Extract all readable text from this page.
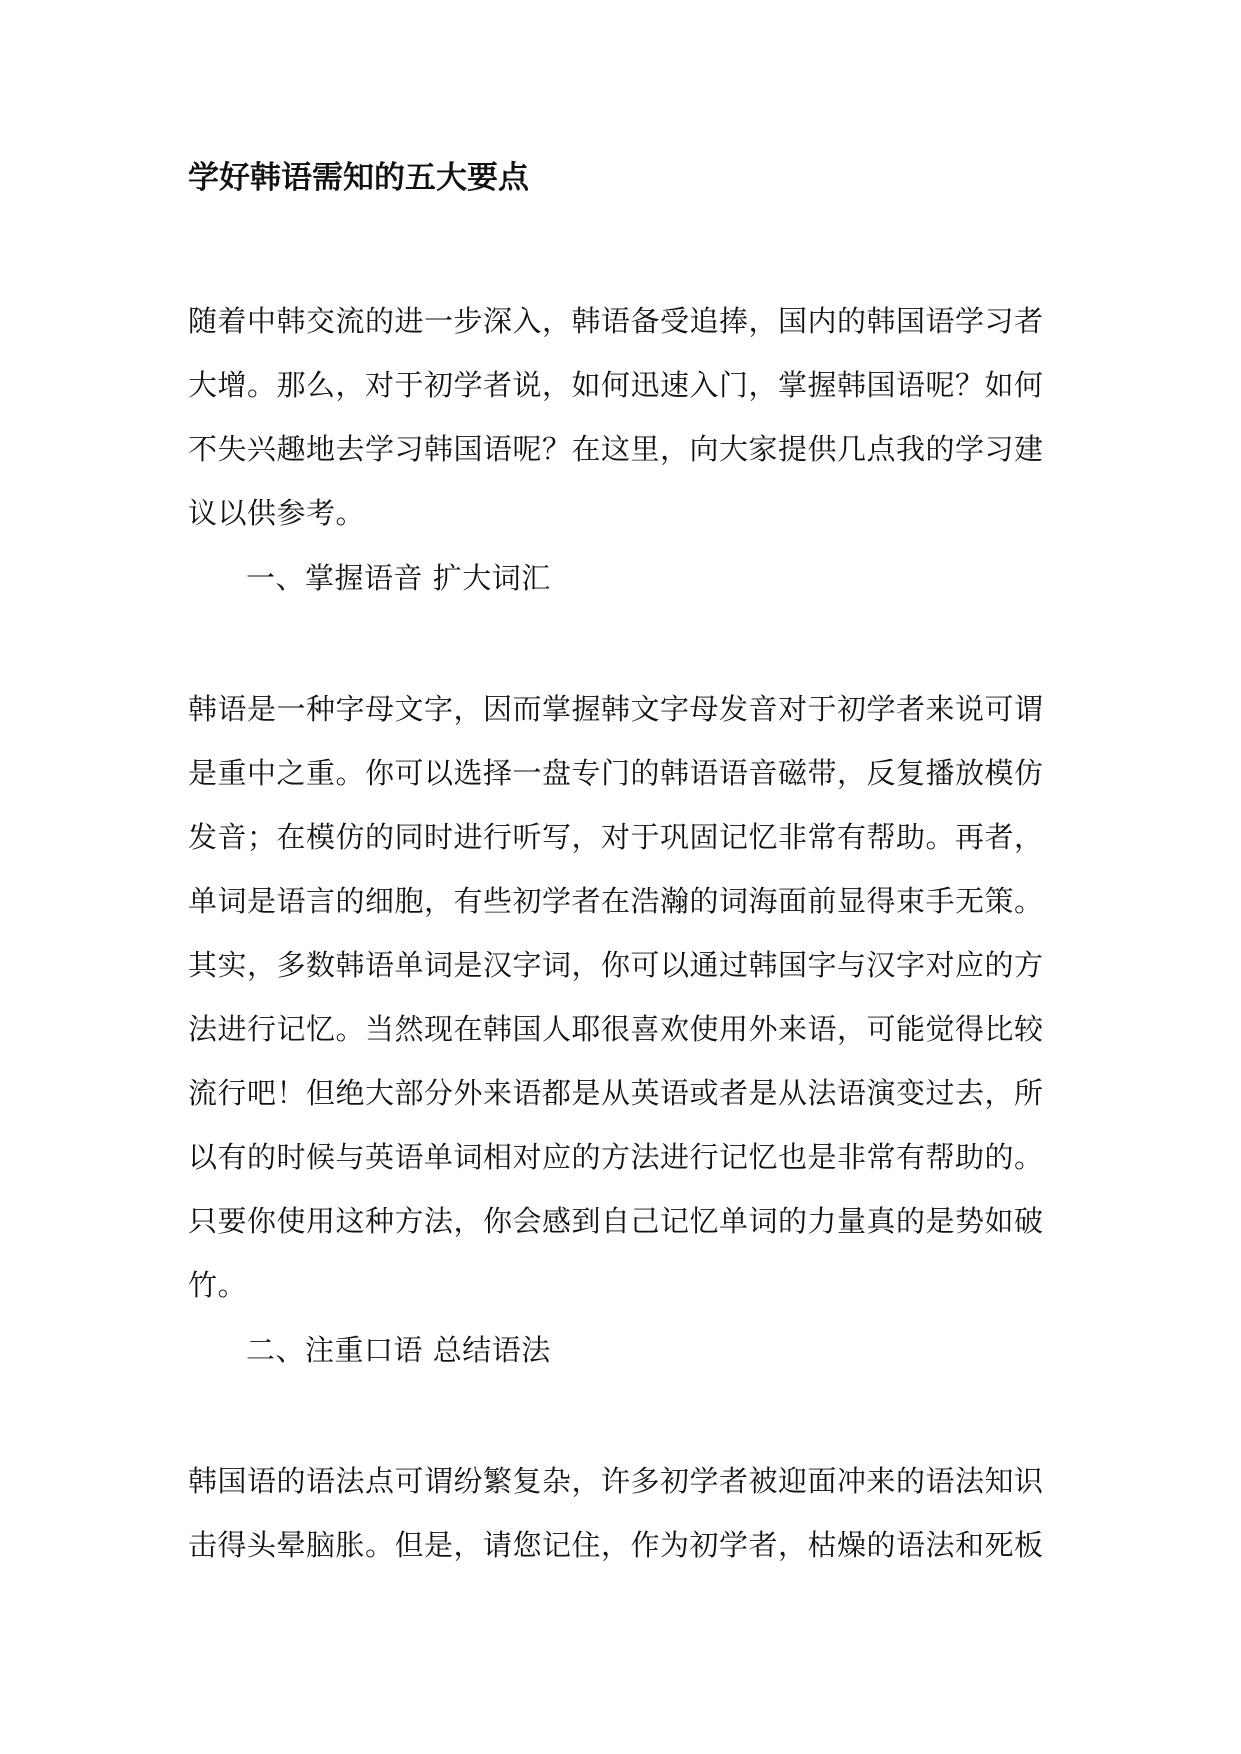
学好韩语需知的五大要点
随着中韩交流的进一步深入，韩语备受追捧，国内的韩国语学习者
大增。那么，对于初学者说，如何迅速入门，掌握韩国语呢？如何
不失兴趣地去学习韩国语呢？在这里，向大家提供几点我的学习建
议以供参考。
一、掌握语音 扩大词汇
韩语是一种字母文字，因而掌握韩文字母发音对于初学者来说可谓
是重中之重。你可以选择一盘专门的韩语语音磁带，反复播放模仿
发音；在模仿的同时进行听写，对于巩固记忆非常有帮助。再者，
单词是语言的细胞，有些初学者在浩瀚的词海面前显得束手无策。
其实，多数韩语单词是汉字词，你可以通过韩国字与汉字对应的方
法进行记忆。当然现在韩国人耶很喜欢使用外来语，可能觉得比较
流行吧！但绝大部分外来语都是从英语或者是从法语演变过去，所
以有的时候与英语单词相对应的方法进行记忆也是非常有帮助的。
只要你使用这种方法，你会感到自己记忆单词的力量真的是势如破
竹。
二、注重口语 总结语法
韩国语的语法点可谓纷繁复杂，许多初学者被迎面冲来的语法知识
击得头晕脑胀。但是，请您记住，作为初学者，枯燥的语法和死板
